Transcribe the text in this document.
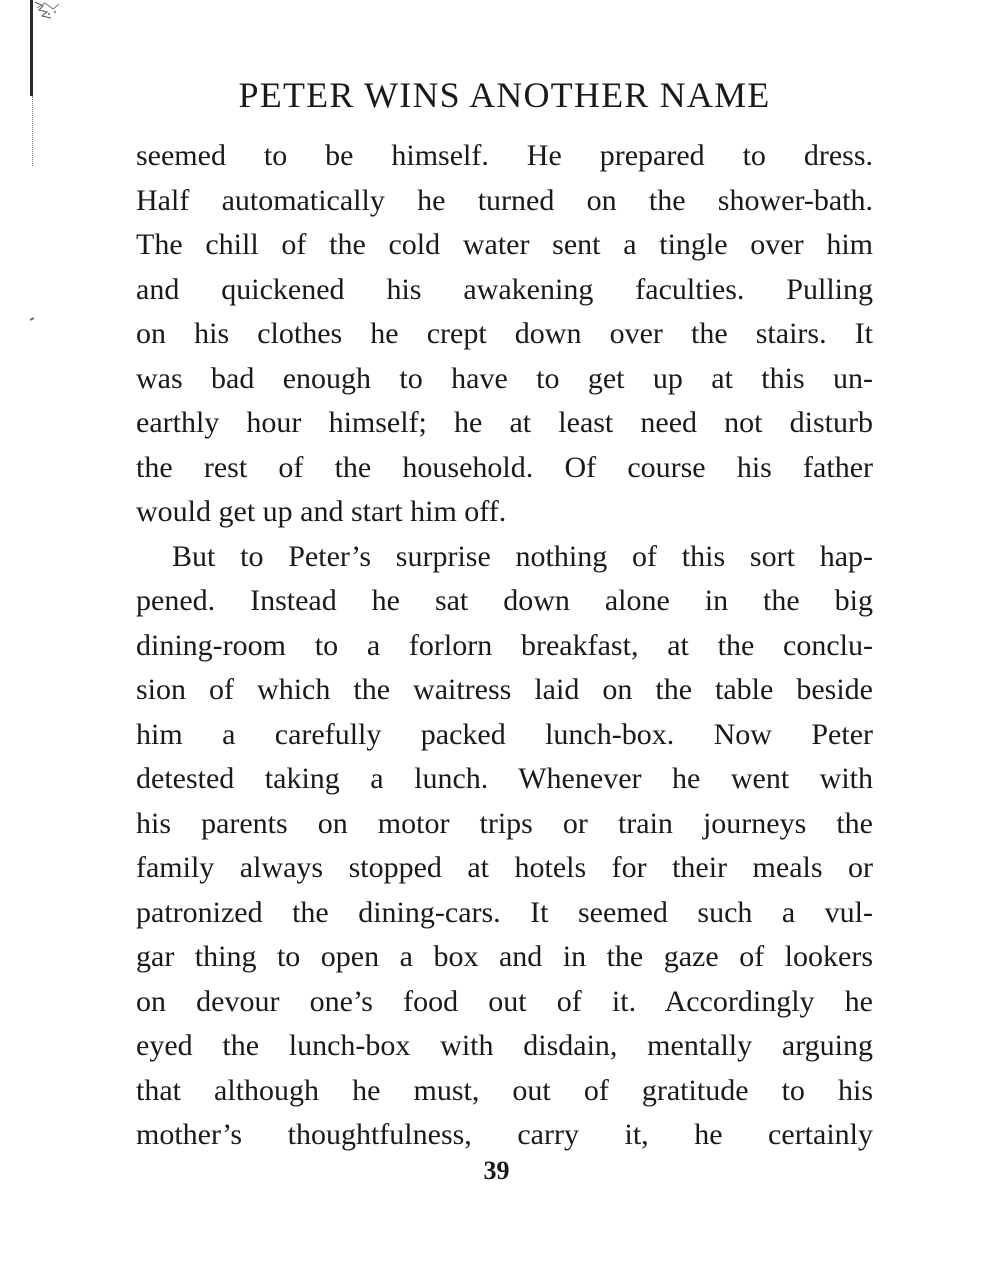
PETER WINS ANOTHER NAME
seemed to be himself. He prepared to dress.
Half automatically he turned on the shower-bath.
The chill of the cold water sent a tingle over him
and quickened his awakening faculties. Pulling
on his clothes he crept down over the stairs. It
was bad enough to have to get up at this un-
earthly hour himself; he at least need not disturb
the rest of the household. Of course his father
would get up and start him off.
But to Peter’s surprise nothing of this sort hap-
pened. Instead he sat down alone in the big
dining-room to a forlorn breakfast, at the conclu-
sion of which the waitress laid on the table beside
him a carefully packed lunch-box. Now Peter
detested taking a lunch. Whenever he went with
his parents on motor trips or train journeys the
family always stopped at hotels for their meals or
patronized the dining-cars. It seemed such a vul-
gar thing to open a box and in the gaze of lookers
on devour one’s food out of it. Accordingly he
eyed the lunch-box with disdain, mentally arguing
that although he must, out of gratitude to his
mother’s thoughtfulness, carry it, he certainly
39
